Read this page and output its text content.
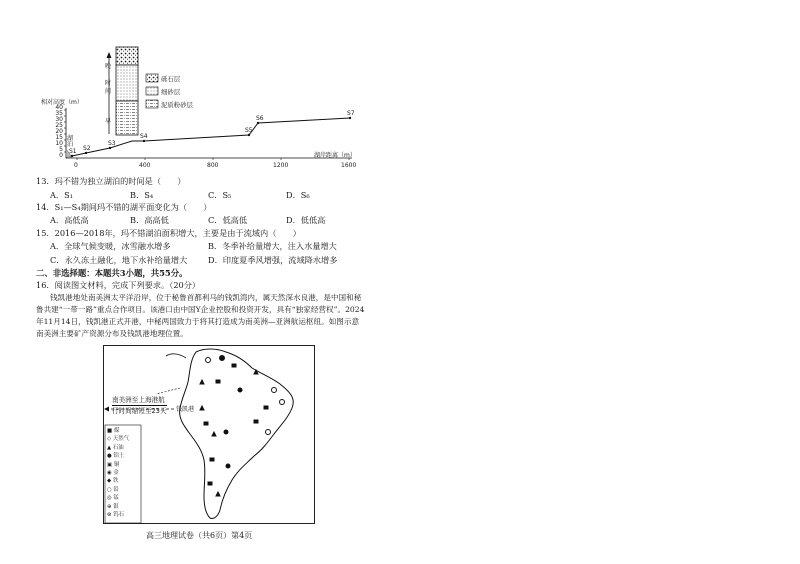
相对高度（m）
40
35
30
25
20
15
10
5
0
湖泊
0	400	800	1200	1600
湖岸距离（m）
晚
时间
早
砾石层
细砂层
泥质粉砂层
S1 S2
S3
S4
S5
S6
S7
13．玛不错为独立湖泊的时间是（　　）
A．S₁	B．S₄	C．S₅	D．S₆
14．S₁—S₄期间玛不错的湖平面变化为（　　）
A．高低高	B．高高低	C．低高低	D．低低高
15．2016—2018年，玛不错湖泊面积增大，主要是由于流域内（　　）
A．全球气候变暖，冰雪融水增多	B．冬季补给量增大，注入水量增大
C．永久冻土融化，地下水补给量增大	D．印度夏季风增强，流域降水增多
二、非选择题：本题共3小题，共55分。
16．阅读图文材料，完成下列要求。（20分）
钱凯港地处南美洲太平洋沿岸，位于秘鲁首都利马的钱凯湾内，属天然深水良港，是中国和秘
鲁共建“一带一路”重点合作项目。该港口由中国Y企业控股和投资开发，具有“独家经营权”。2024
年11月14日，钱凯港正式开港，中秘两国致力于将其打造成为南美洲—亚洲航运枢纽。如图示意
南美洲主要矿产资源分布及钱凯港地理位置。
南美洲至上海港航
行时间缩短至23天 钱凯港
■ 煤
◇ 天然气
▲ 石油
● 铝土
▣ 铜
◉ 金
◆ 铁
○ 铅
◎ 锰
⊕ 银
⊗ 钨石
高三地理试卷（共6页）第4页
